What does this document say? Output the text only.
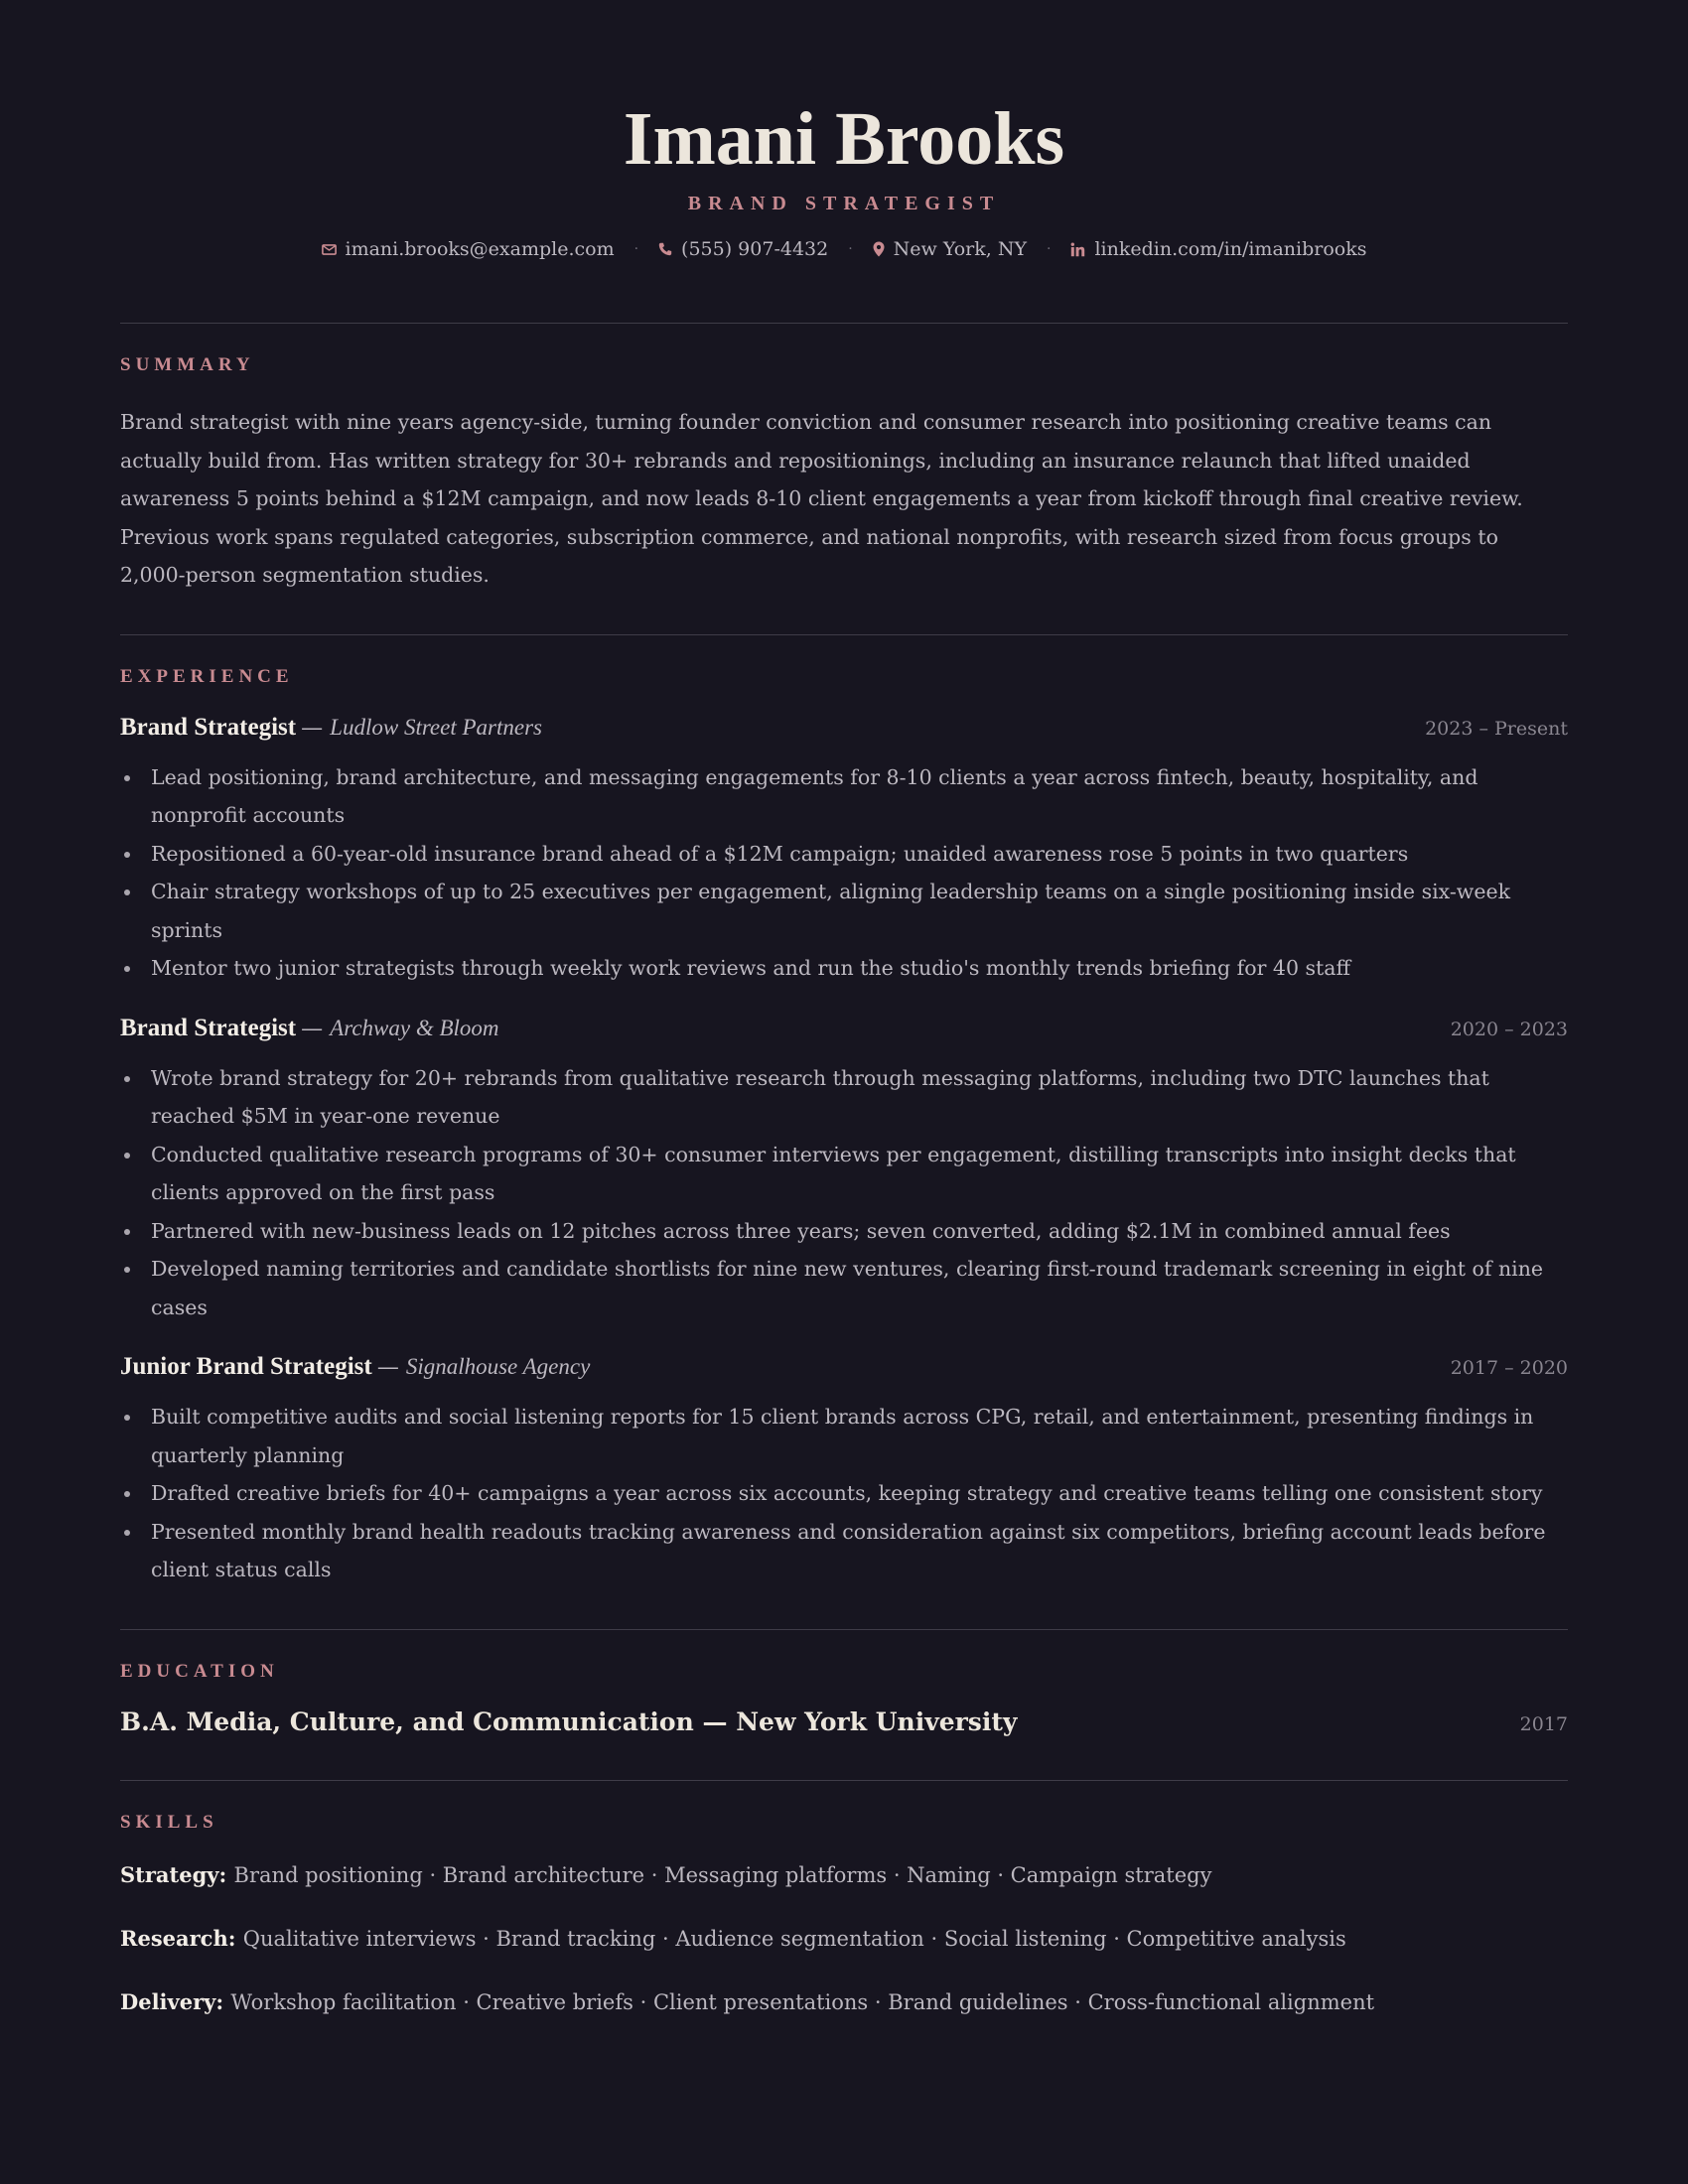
Imani Brooks
BRAND STRATEGIST
imani.brooks@example.com · (555) 907-4432 · New York, NY · linkedin.com/in/imanibrooks
SUMMARY

Brand strategist with nine years agency-side, turning founder conviction and consumer research into positioning creative teams can actually build from. Has written strategy for 30+ rebrands and repositionings, including an insurance relaunch that lifted unaided awareness 5 points behind a $12M campaign, and now leads 8-10 client engagements a year from kickoff through final creative review. Previous work spans regulated categories, subscription commerce, and national nonprofits, with research sized from focus groups to 2,000-person segmentation studies.

EXPERIENCE
Brand Strategist — Ludlow Street Partners	2023 – Present
Lead positioning, brand architecture, and messaging engagements for 8-10 clients a year across fintech, beauty, hospitality, and nonprofit accounts
Repositioned a 60-year-old insurance brand ahead of a $12M campaign; unaided awareness rose 5 points in two quarters
Chair strategy workshops of up to 25 executives per engagement, aligning leadership teams on a single positioning inside six-week sprints
Mentor two junior strategists through weekly work reviews and run the studio's monthly trends briefing for 40 staff
Brand Strategist — Archway & Bloom	2020 – 2023
Wrote brand strategy for 20+ rebrands from qualitative research through messaging platforms, including two DTC launches that reached $5M in year-one revenue
Conducted qualitative research programs of 30+ consumer interviews per engagement, distilling transcripts into insight decks that clients approved on the first pass
Partnered with new-business leads on 12 pitches across three years; seven converted, adding $2.1M in combined annual fees
Developed naming territories and candidate shortlists for nine new ventures, clearing first-round trademark screening in eight of nine cases
Junior Brand Strategist — Signalhouse Agency	2017 – 2020
Built competitive audits and social listening reports for 15 client brands across CPG, retail, and entertainment, presenting findings in quarterly planning
Drafted creative briefs for 40+ campaigns a year across six accounts, keeping strategy and creative teams telling one consistent story
Presented monthly brand health readouts tracking awareness and consideration against six competitors, briefing account leads before client status calls
EDUCATION
B.A. Media, Culture, and Communication — New York University	2017
SKILLS
Strategy: Brand positioning · Brand architecture · Messaging platforms · Naming · Campaign strategy
Research: Qualitative interviews · Brand tracking · Audience segmentation · Social listening · Competitive analysis
Delivery: Workshop facilitation · Creative briefs · Client presentations · Brand guidelines · Cross-functional alignment
